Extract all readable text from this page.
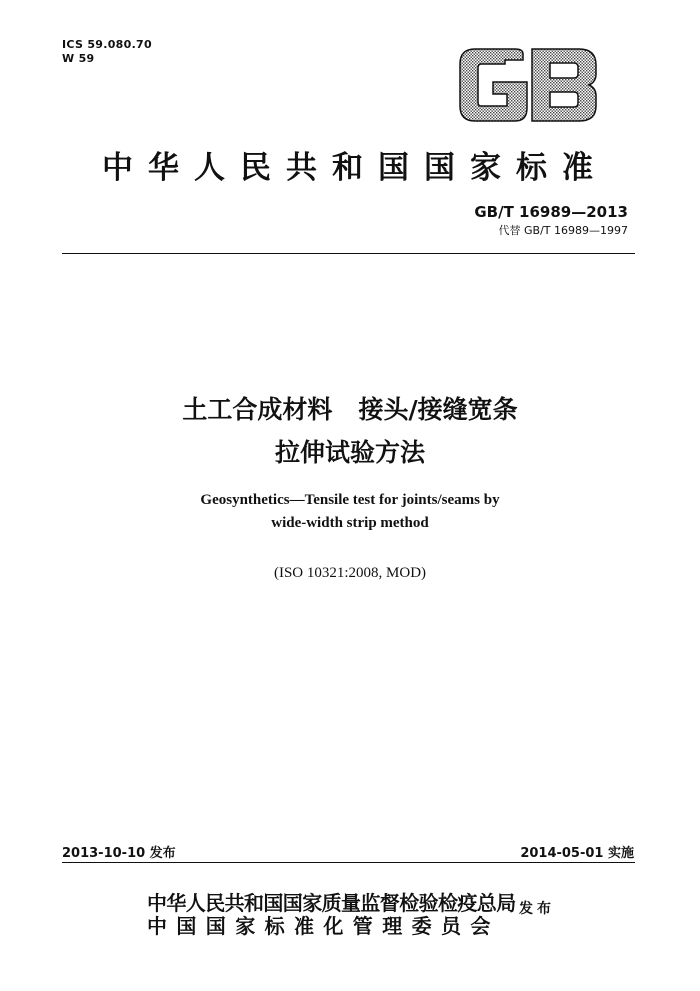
ICS 59.080.70
W 59
中华人民共和国国家标准
GB/T 16989—2013
代替 GB/T 16989—1997
土工合成材料 接头/接缝宽条
拉伸试验方法
Geosynthetics—Tensile test for joints/seams by
wide-width strip method
(ISO 10321:2008, MOD)
2013-10-10 发布	2014-05-01 实施
中华人民共和国国家质量监督检验检疫总局
中国国家标准化管理委员会
发布
